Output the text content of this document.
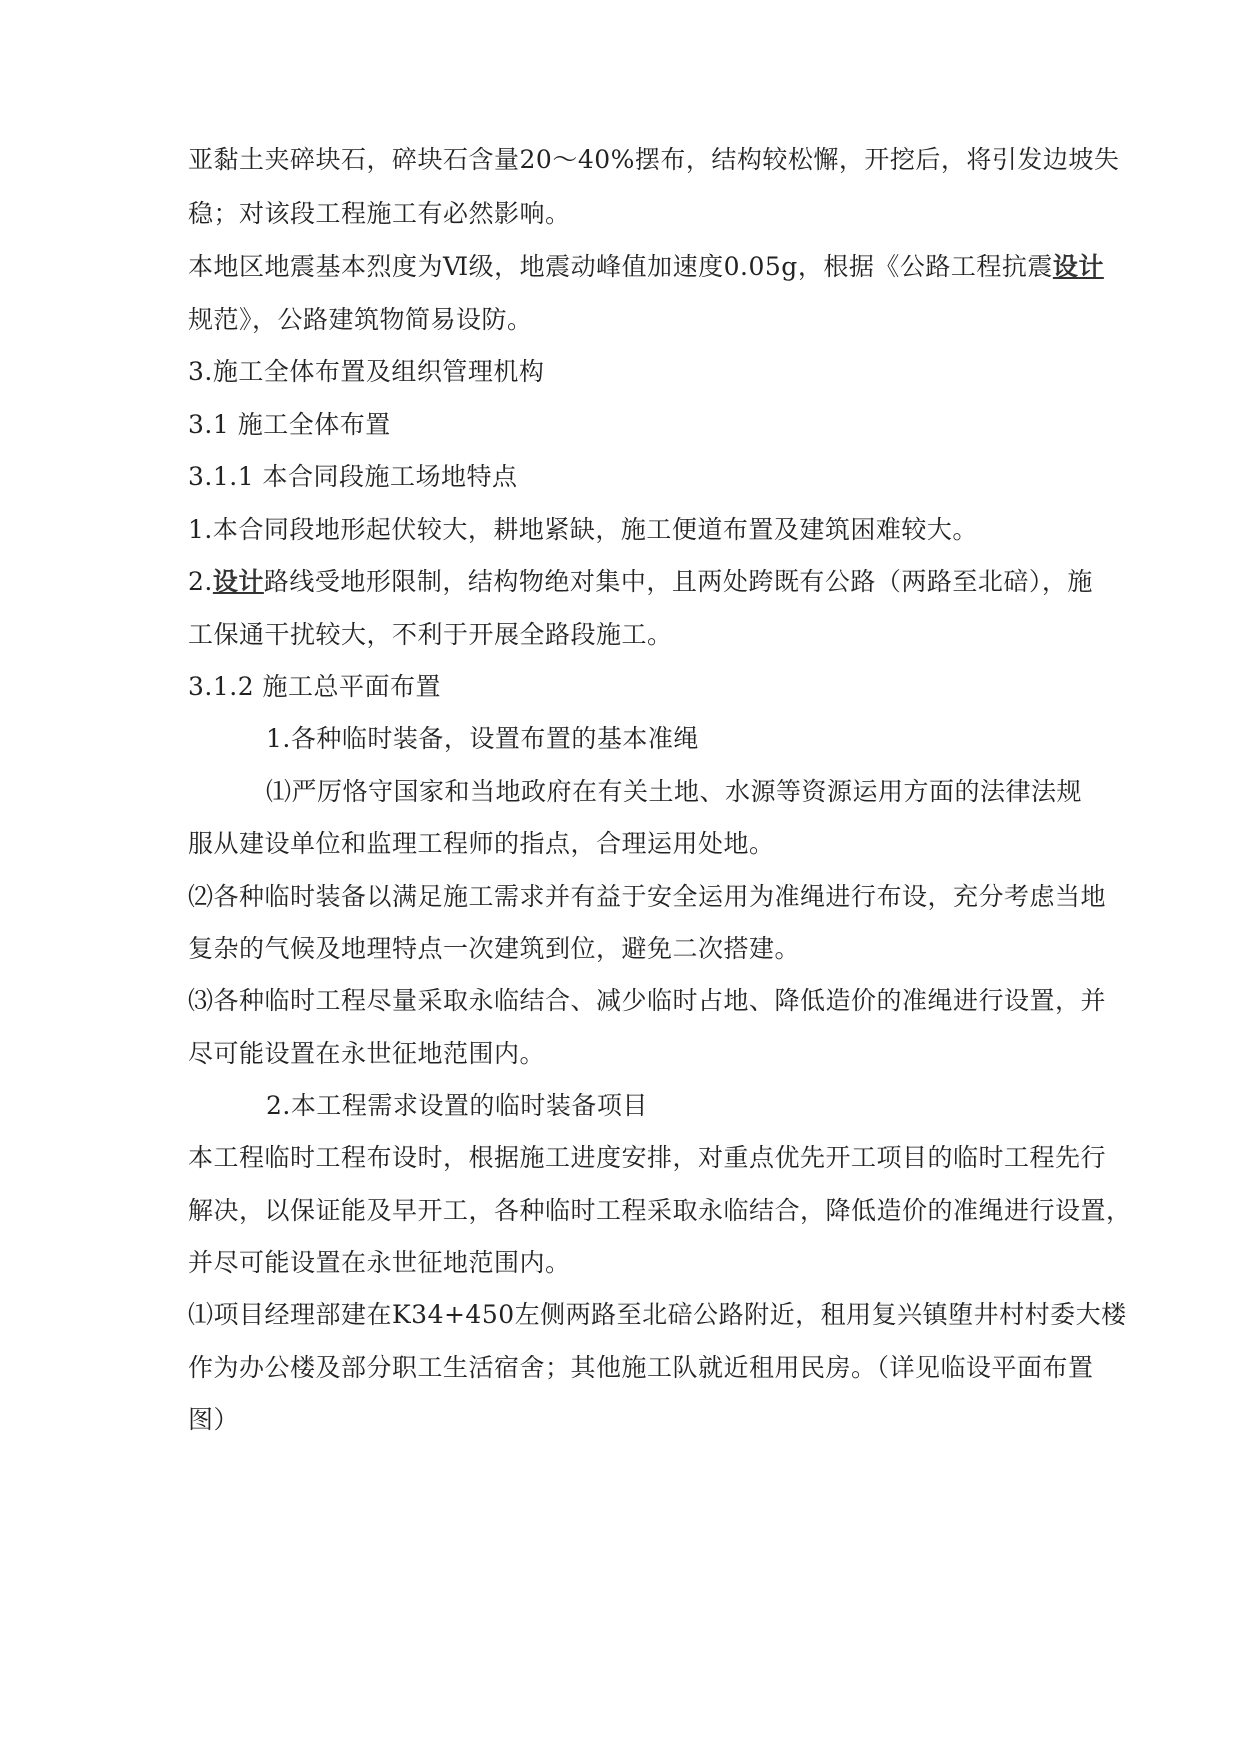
亚黏土夹碎块石，碎块石含量20～40%摆布，结构较松懈，开挖后，将引发边坡失
稳；对该段工程施工有必然影响。
本地区地震基本烈度为Ⅵ级，地震动峰值加速度0.05g，根据《公路工程抗震设计
规范》，公路建筑物简易设防。
3.施工全体布置及组织管理机构
3.1 施工全体布置
3.1.1 本合同段施工场地特点
1.本合同段地形起伏较大，耕地紧缺，施工便道布置及建筑困难较大。
2.设计路线受地形限制，结构物绝对集中，且两处跨既有公路（两路至北碚），施
工保通干扰较大，不利于开展全路段施工。
3.1.2 施工总平面布置
1.各种临时装备，设置布置的基本准绳
⑴严厉恪守国家和当地政府在有关土地、水源等资源运用方面的法律法规
服从建设单位和监理工程师的指点，合理运用处地。
⑵各种临时装备以满足施工需求并有益于安全运用为准绳进行布设，充分考虑当地
复杂的气候及地理特点一次建筑到位，避免二次搭建。
⑶各种临时工程尽量采取永临结合、减少临时占地、降低造价的准绳进行设置，并
尽可能设置在永世征地范围内。
2.本工程需求设置的临时装备项目
本工程临时工程布设时，根据施工进度安排，对重点优先开工项目的临时工程先行
解决，以保证能及早开工，各种临时工程采取永临结合，降低造价的准绳进行设置，
并尽可能设置在永世征地范围内。
⑴项目经理部建在K34+450左侧两路至北碚公路附近，租用复兴镇堕井村村委大楼
作为办公楼及部分职工生活宿舍；其他施工队就近租用民房。（详见临设平面布置
图）
